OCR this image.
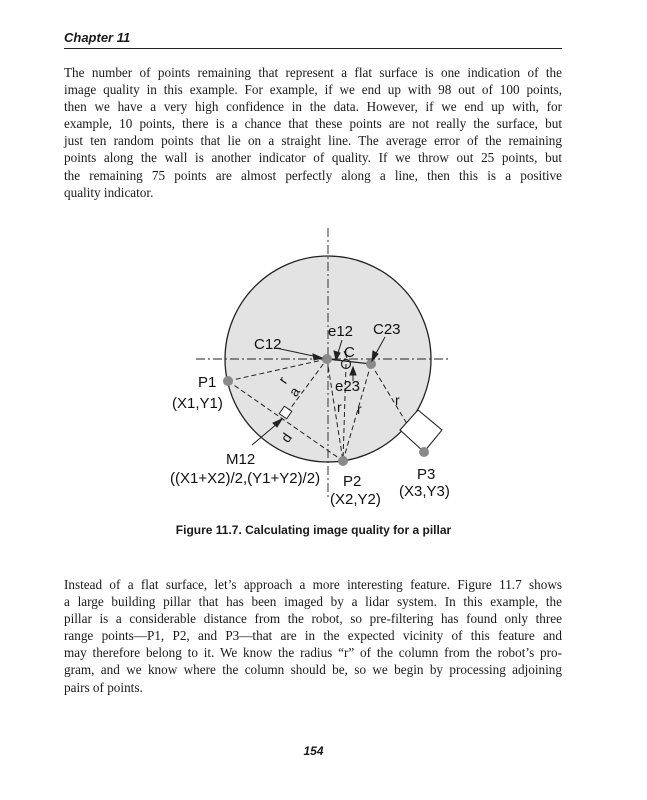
Chapter 11
The number of points remaining that represent a flat surface is one indication of the
image quality in this example. For example, if we end up with 98 out of 100 points,
then we have a very high confidence in the data. However, if we end up with, for
example, 10 points, there is a chance that these points are not really the surface, but
just ten random points that lie on a straight line. The average error of the remaining
points along the wall is another indicator of quality. If we throw out 25 points, but
the remaining 75 points are almost perfectly along a line, then this is a positive
quality indicator.
C12
e12 C23
C
e23
P1
(X1,Y1)
M12
((X1+X2)/2,(Y1+Y2)/2) P2
(X2,Y2)
P3
(X3,Y3)
r
a
d
r r
r
Figure 11.7. Calculating image quality for a pillar
Instead of a flat surface, let’s approach a more interesting feature. Figure 11.7 shows
a large building pillar that has been imaged by a lidar system. In this example, the
pillar is a considerable distance from the robot, so pre-filtering has found only three
range points—P1, P2, and P3—that are in the expected vicinity of this feature and
may therefore belong to it. We know the radius “r” of the column from the robot’s pro-
gram, and we know where the column should be, so we begin by processing adjoining
pairs of points.
154
